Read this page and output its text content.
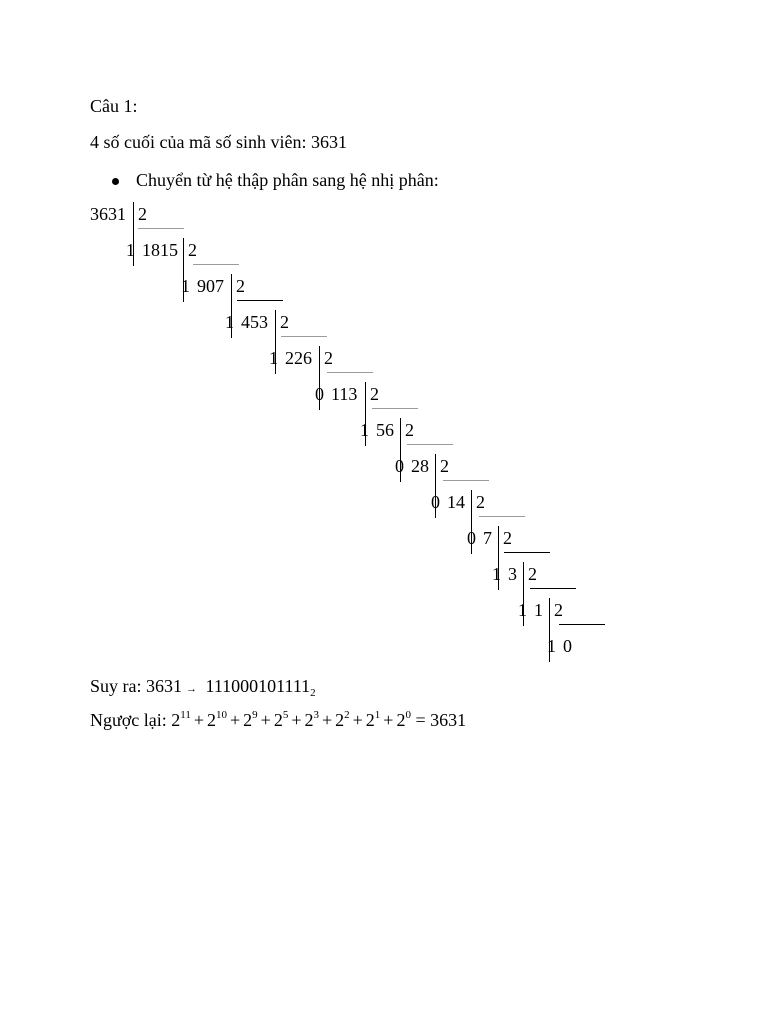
Câu 1:
4 số cuối của mã số sinh viên: 3631
Chuyển từ hệ thập phân sang hệ nhị phân:
3631 2
1 1815 2
1 907 2
1 453 2
1 226 2
0 113 2
1 56 2
0 28 2
0 14 2
0 7 2
1 3 2
1 1 2
1 0
Suy ra: $3631 \to 111000101111_2$
Ngược lại: $2^{11} + 2^{10} + 2^9 + 2^5 + 2^3 + 2^2 + 2^1 + 2^0 = 3631$
